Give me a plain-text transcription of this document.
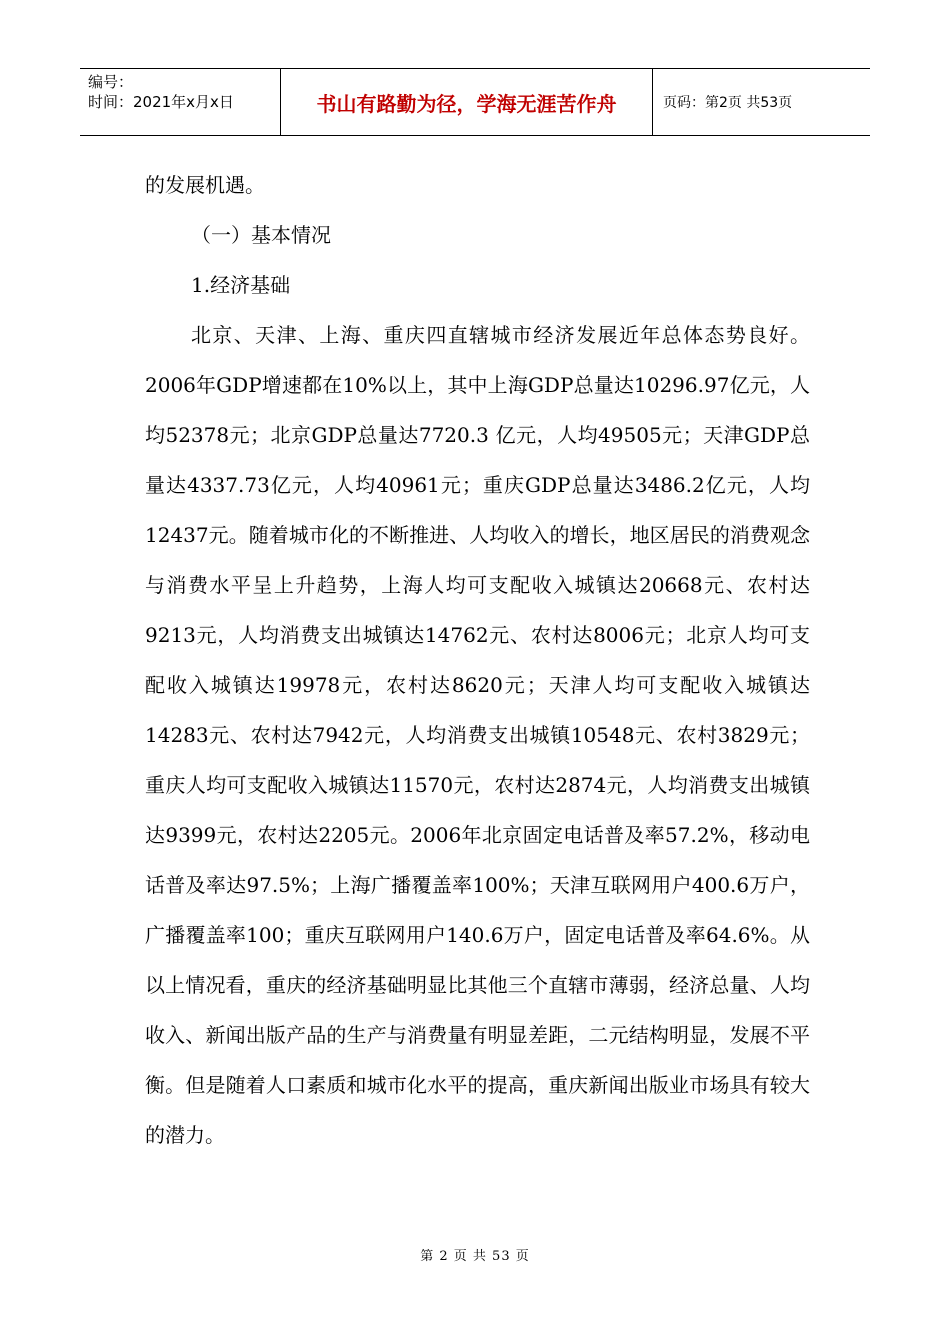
编号：
时间：2021年x月x日	书山有路勤为径，学海无涯苦作舟	页码：第2页 共53页

的发展机遇。

（一）基本情况

1.经济基础

北京、天津、上海、重庆四直辖城市经济发展近年总体态势良好。2006年GDP增速都在10%以上，其中上海GDP总量达10296.97亿元，人均52378元；北京GDP总量达7720.3 亿元，人均49505元；天津GDP总量达4337.73亿元，人均40961元；重庆GDP总量达3486.2亿元，人均12437元。随着城市化的不断推进、人均收入的增长，地区居民的消费观念与消费水平呈上升趋势，上海人均可支配收入城镇达20668元、农村达9213元，人均消费支出城镇达14762元、农村达8006元；北京人均可支配收入城镇达19978元，农村达8620元；天津人均可支配收入城镇达14283元、农村达7942元，人均消费支出城镇10548元、农村3829元；重庆人均可支配收入城镇达11570元，农村达2874元，人均消费支出城镇达9399元，农村达2205元。2006年北京固定电话普及率57.2%，移动电话普及率达97.5%；上海广播覆盖率100%；天津互联网用户400.6万户，广播覆盖率100；重庆互联网用户140.6万户，固定电话普及率64.6%。从以上情况看，重庆的经济基础明显比其他三个直辖市薄弱，经济总量、人均收入、新闻出版产品的生产与消费量有明显差距，二元结构明显，发展不平衡。但是随着人口素质和城市化水平的提高，重庆新闻出版业市场具有较大的潜力。

第 2 页 共 53 页
